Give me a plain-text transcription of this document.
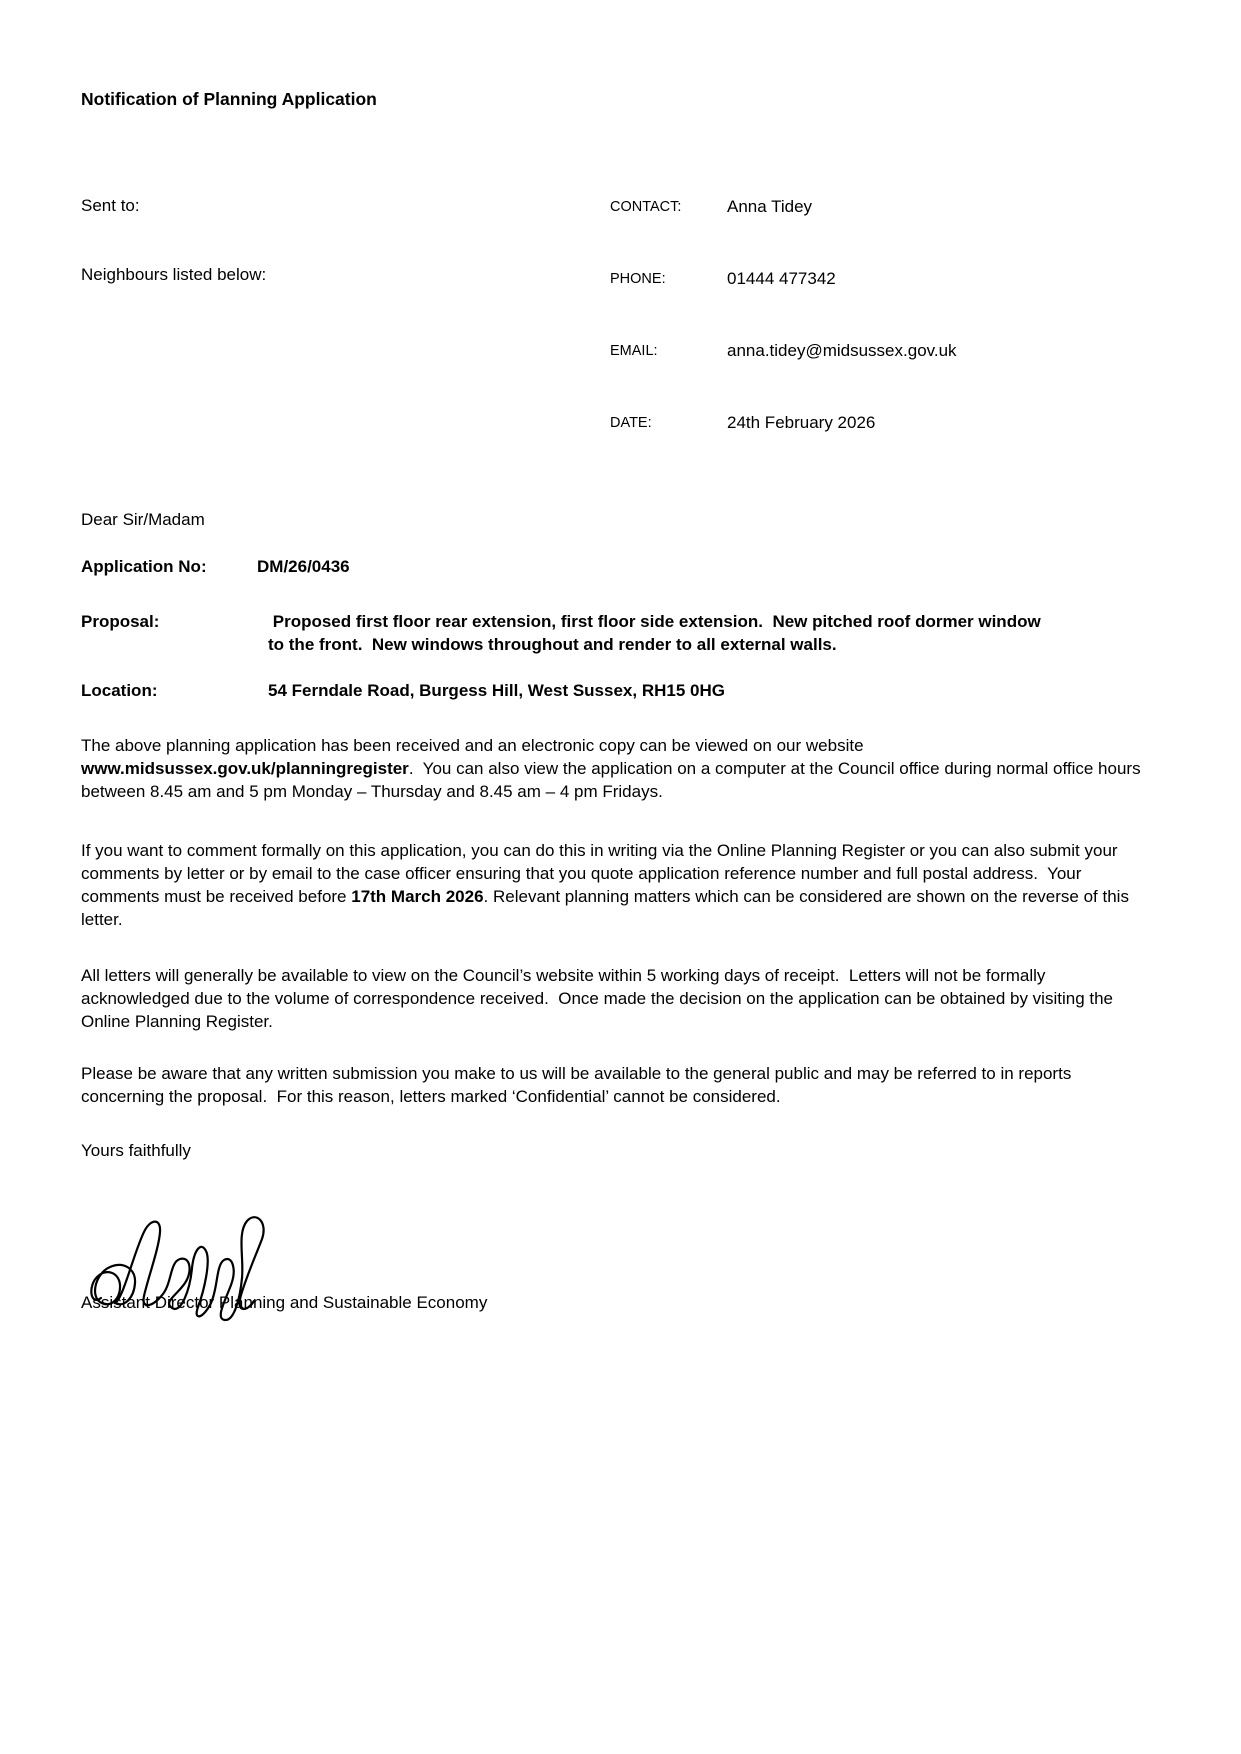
Notification of Planning Application

Sent to:

Neighbours listed below:

CONTACT:	Anna Tidey

PHONE:	01444 477342

EMAIL:	anna.tidey@midsussex.gov.uk

DATE:	24th February 2026

Dear Sir/Madam

Application No:	DM/26/0436
Proposal:	Proposed first floor rear extension, first floor side extension.  New pitched roof dormer window to the front.  New windows throughout and render to all external walls.
Location:	54 Ferndale Road, Burgess Hill, West Sussex, RH15 0HG

The above planning application has been received and an electronic copy can be viewed on our website www.midsussex.gov.uk/planningregister.  You can also view the application on a computer at the Council office during normal office hours between 8.45 am and 5 pm Monday – Thursday and 8.45 am – 4 pm Fridays.

If you want to comment formally on this application, you can do this in writing via the Online Planning Register or you can also submit your comments by letter or by email to the case officer ensuring that you quote application reference number and full postal address.  Your comments must be received before 17th March 2026. Relevant planning matters which can be considered are shown on the reverse of this letter.

All letters will generally be available to view on the Council’s website within 5 working days of receipt.  Letters will not be formally acknowledged due to the volume of correspondence received.  Once made the decision on the application can be obtained by visiting the Online Planning Register.

Please be aware that any written submission you make to us will be available to the general public and may be referred to in reports concerning the proposal.  For this reason, letters marked ‘Confidential’ cannot be considered.

Yours faithfully

Assistant Director Planning and Sustainable Economy
